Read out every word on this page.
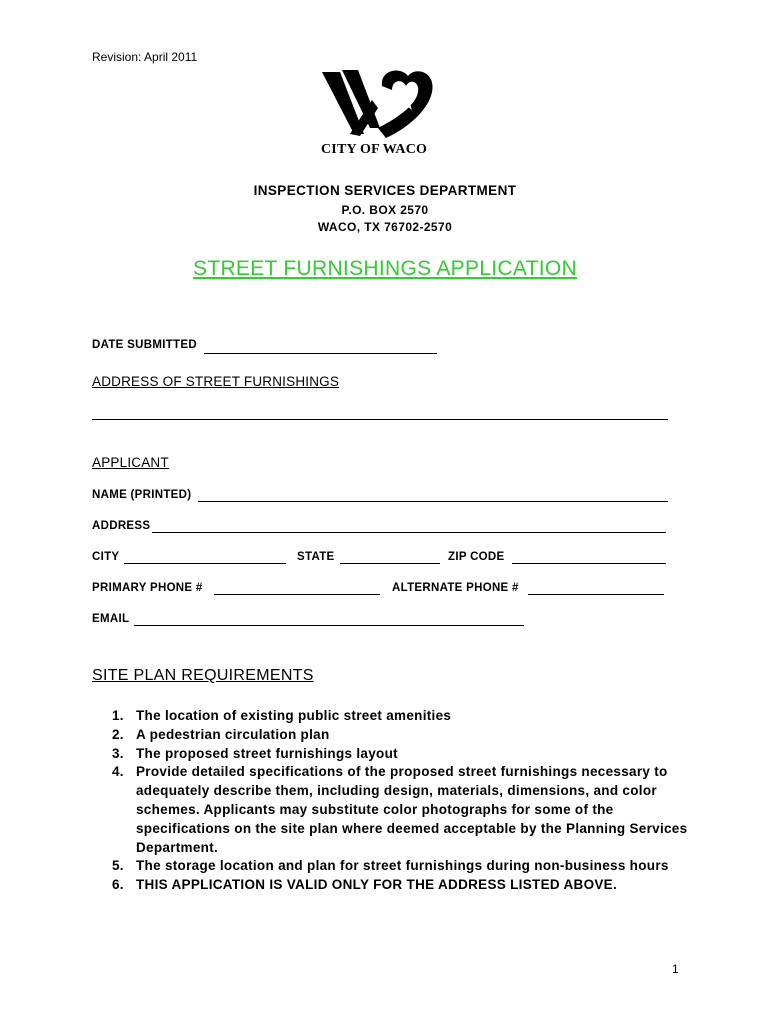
Revision: April 2011
CITY OF WACO
INSPECTION SERVICES DEPARTMENT
P.O. BOX 2570
WACO, TX 76702-2570
STREET FURNISHINGS APPLICATION
DATE SUBMITTED
ADDRESS OF STREET FURNISHINGS
APPLICANT
NAME (PRINTED)
ADDRESS
CITY	STATE	ZIP CODE
PRIMARY PHONE #	ALTERNATE PHONE #
EMAIL
SITE PLAN REQUIREMENTS
1. The location of existing public street amenities
2. A pedestrian circulation plan
3. The proposed street furnishings layout
4. Provide detailed specifications of the proposed street furnishings necessary to adequately describe them, including design, materials, dimensions, and color schemes. Applicants may substitute color photographs for some of the specifications on the site plan where deemed acceptable by the Planning Services Department.
5. The storage location and plan for street furnishings during non-business hours
6. THIS APPLICATION IS VALID ONLY FOR THE ADDRESS LISTED ABOVE.
1
